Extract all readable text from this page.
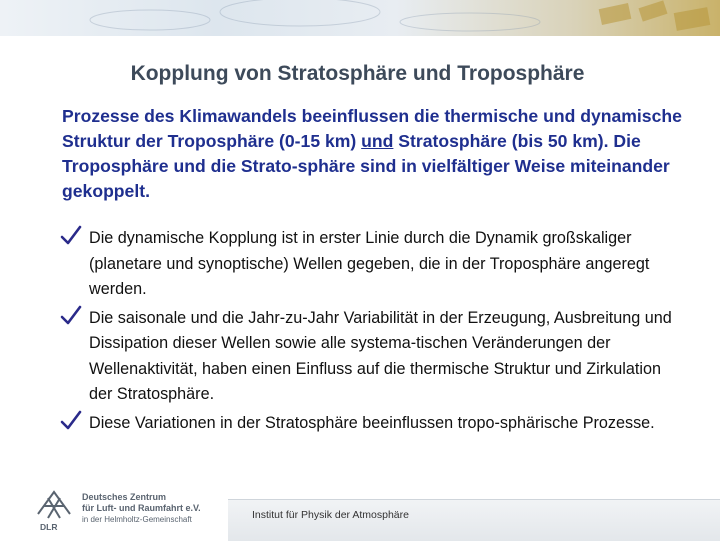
Kopplung von Stratosphäre und Troposphäre

Prozesse des Klimawandels beeinflussen die thermische und dynamische Struktur der Troposphäre (0-15 km) und Stratosphäre (bis 50 km). Die Troposphäre und die Strato-sphäre sind in vielfältiger Weise miteinander gekoppelt.

Die dynamische Kopplung ist in erster Linie durch die Dynamik großskaliger (planetare und synoptische) Wellen gegeben, die in der Troposphäre angeregt werden.
Die saisonale und die Jahr-zu-Jahr Variabilität in der Erzeugung, Ausbreitung und Dissipation dieser Wellen sowie alle systema-tischen Veränderungen der Wellenaktivität, haben einen Einfluss auf die thermische Struktur und Zirkulation der Stratosphäre.
Diese Variationen in der Stratosphäre beeinflussen tropo-sphärische Prozesse.
DLR
Deutsches Zentrum
für Luft- und Raumfahrt e.V.
in der Helmholtz-Gemeinschaft	Institut für Physik der Atmosphäre
